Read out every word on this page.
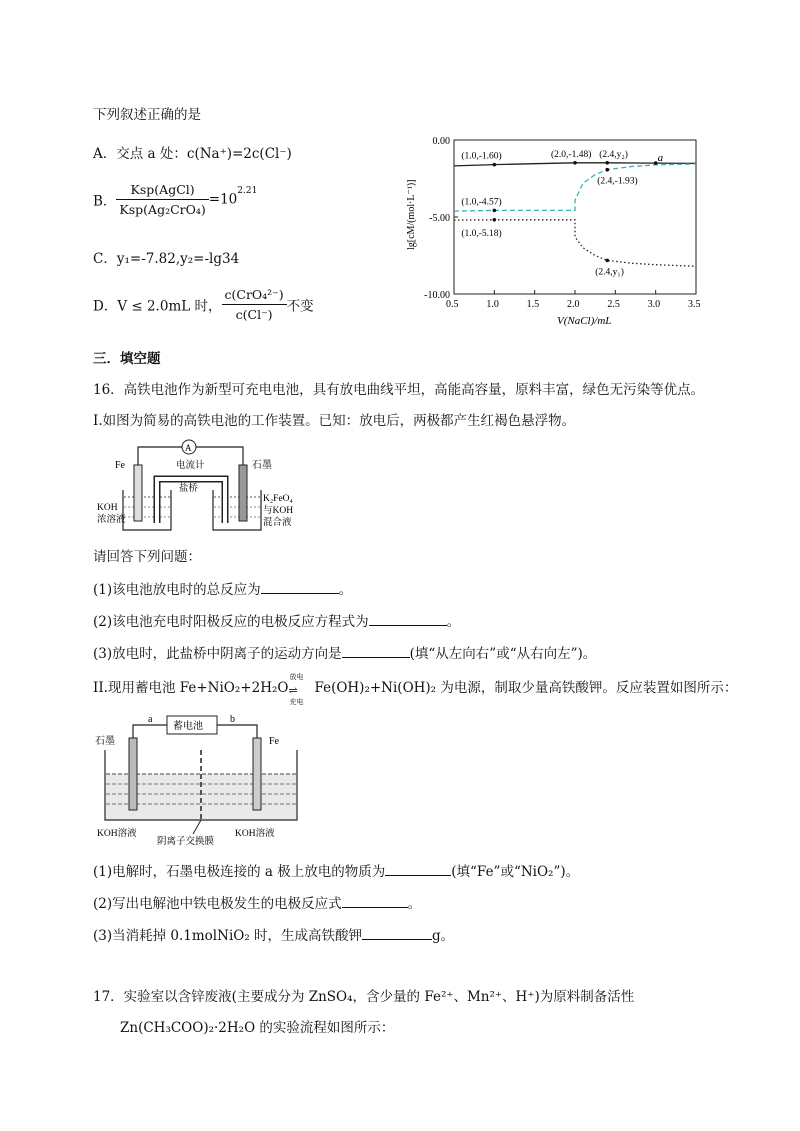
下列叙述正确的是
A．交点 a 处：c(Na⁺)=2c(Cl⁻)
B． $\frac{\text{Ksp(AgCl)}}{\text{Ksp(Ag₂CrO₄)}} =10^{2.21}$
C．y₁=-7.82,y₂=-lg34
D．V ≤ 2.0mL 时， $\frac{\text{c(CrO₄²⁻)}}{c(Cl^-)}$ 不变
0.00
-5.00
-10.00
0.5	1.0	1.5	2.0	2.5	3.0	3.5
(1.0,-1.60)	(2.0,-1.48) (2.4,y₂)	a
(2.4,-1.93)
(1.0,-4.57)
(1.0,-5.18)
(2.4,y₁)
V(NaCl)/mL
lg[cM/(mol·L⁻¹)]
三．填空题
16．高铁电池作为新型可充电电池，具有放电曲线平坦，高能高容量，原料丰富，绿色无污染等优点。
I.如图为简易的高铁电池的工作装置。已知：放电后，两极都产生红褐色悬浮物。
A
电流计
盐桥
Fe	石墨
KOH
浓溶液
K₂FeO₄
与KOH
混合液
请回答下列问题：
(1)该电池放电时的总反应为	。
(2)该电池充电时阳极反应的电极反应方程式为	。
(3)放电时，此盐桥中阴离子的运动方向是	(填“从左向右”或“从右向左”)。
II.现用蓄电池 Fe+NiO₂+2H₂O
放电
⇌
充电
Fe(OH)₂+Ni(OH)₂ 为电源，制取少量高铁酸钾。反应装置如图所示：
蓄电池
a	b
石墨	Fe
KOH溶液
阴离子交换膜
KOH溶液
(1)电解时，石墨电极连接的 a 极上放电的物质为	(填“Fe”或“NiO₂”)。
(2)写出电解池中铁电极发生的电极反应式	。
(3)当消耗掉 0.1molNiO₂ 时，生成高铁酸钾	g。
17．实验室以含锌废液(主要成分为 ZnSO₄，含少量的 Fe²⁺、Mn²⁺、H⁺)为原料制备活性
Zn(CH₃COO)₂·2H₂O 的实验流程如图所示：
